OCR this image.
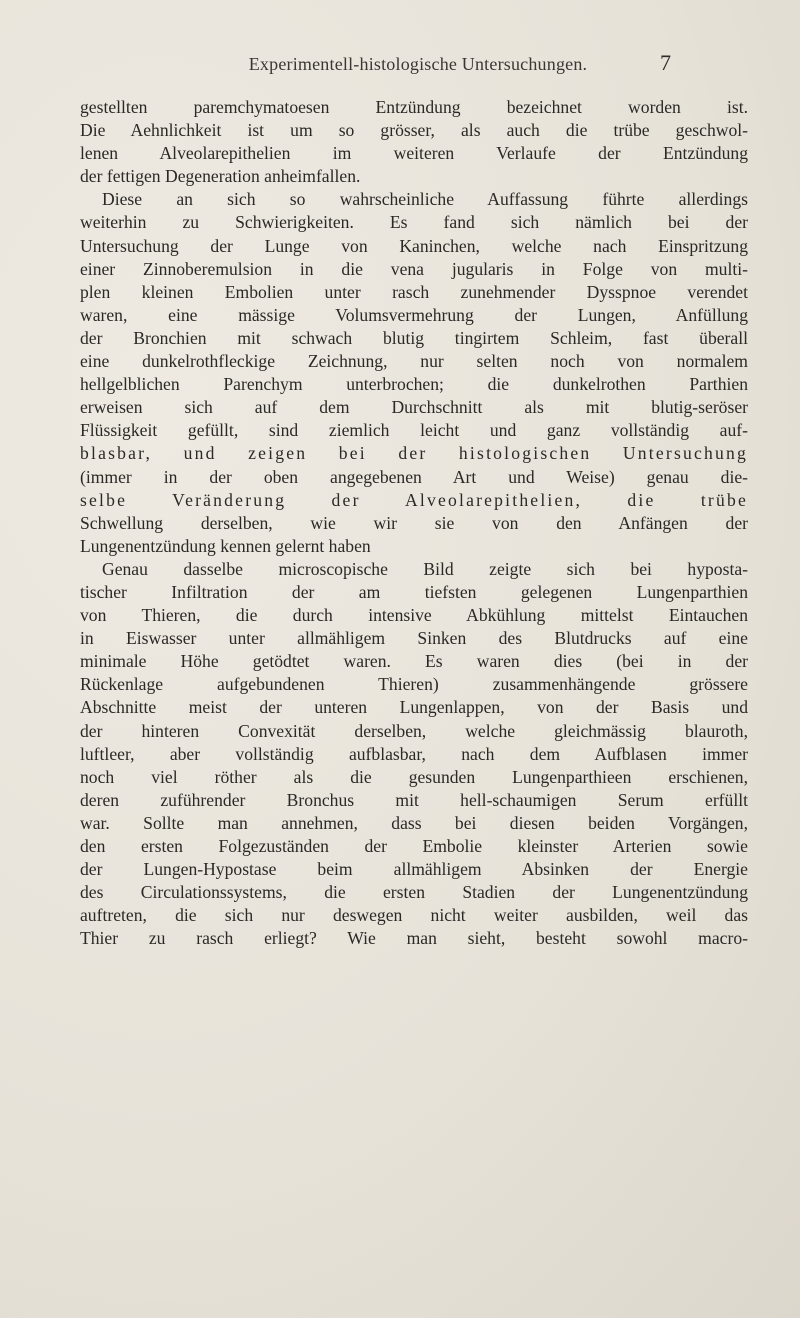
Experimentell-histologische Untersuchungen.	7
gestellten paremchymatoesen Entzündung bezeichnet worden ist.
Die Aehnlichkeit ist um so grösser, als auch die trübe geschwol-
lenen Alveolarepithelien im weiteren Verlaufe der Entzündung
der fettigen Degeneration anheimfallen.
Diese an sich so wahrscheinliche Auffassung führte allerdings
weiterhin zu Schwierigkeiten. Es fand sich nämlich bei der
Untersuchung der Lunge von Kaninchen, welche nach Einspritzung
einer Zinnoberemulsion in die vena jugularis in Folge von multi-
plen kleinen Embolien unter rasch zunehmender Dysspnoe verendet
waren, eine mässige Volumsvermehrung der Lungen, Anfüllung
der Bronchien mit schwach blutig tingirtem Schleim, fast überall
eine dunkelrothfleckige Zeichnung, nur selten noch von normalem
hellgelblichen Parenchym unterbrochen; die dunkelrothen Parthien
erweisen sich auf dem Durchschnitt als mit blutig-seröser
Flüssigkeit gefüllt, sind ziemlich leicht und ganz vollständig auf-
blasbar, und zeigen bei der histologischen Untersuchung
(immer in der oben angegebenen Art und Weise) genau die-
selbe Veränderung der Alveolarepithelien, die trübe
Schwellung derselben, wie wir sie von den Anfängen der
Lungenentzündung kennen gelernt haben
Genau dasselbe microscopische Bild zeigte sich bei hyposta-
tischer Infiltration der am tiefsten gelegenen Lungenparthien
von Thieren, die durch intensive Abkühlung mittelst Eintauchen
in Eiswasser unter allmähligem Sinken des Blutdrucks auf eine
minimale Höhe getödtet waren. Es waren dies (bei in der
Rückenlage aufgebundenen Thieren) zusammenhängende grössere
Abschnitte meist der unteren Lungenlappen, von der Basis und
der hinteren Convexität derselben, welche gleichmässig blauroth,
luftleer, aber vollständig aufblasbar, nach dem Aufblasen immer
noch viel röther als die gesunden Lungenparthieen erschienen,
deren zuführender Bronchus mit hell-schaumigen Serum erfüllt
war. Sollte man annehmen, dass bei diesen beiden Vorgängen,
den ersten Folgezuständen der Embolie kleinster Arterien sowie
der Lungen-Hypostase beim allmähligem Absinken der Energie
des Circulationssystems, die ersten Stadien der Lungenentzündung
auftreten, die sich nur deswegen nicht weiter ausbilden, weil das
Thier zu rasch erliegt? Wie man sieht, besteht sowohl macro-
